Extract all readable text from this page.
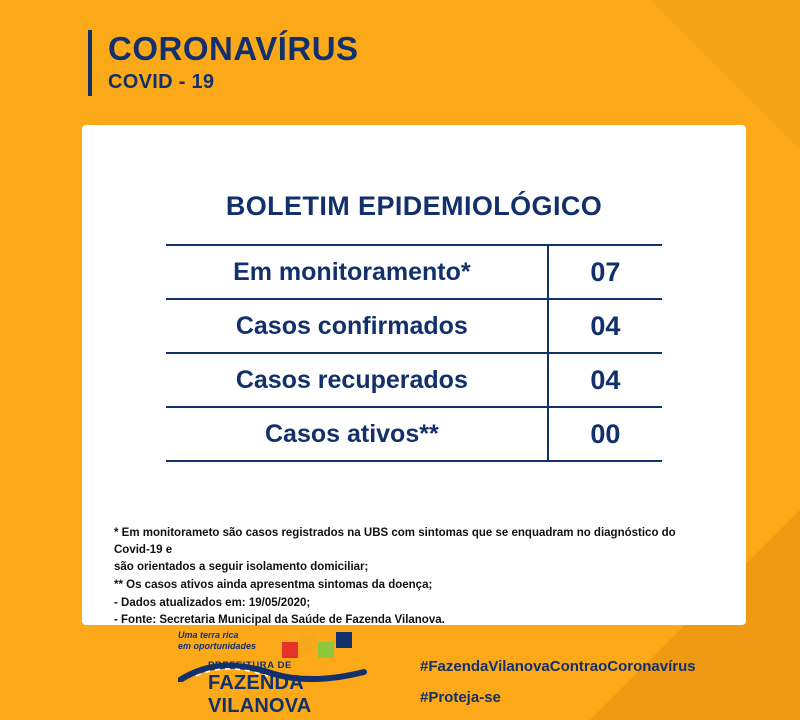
CORONAVÍRUS
COVID - 19
BOLETIM EPIDEMIOLÓGICO
Em monitoramento*	07
Casos confirmados	04
Casos recuperados	04
Casos ativos**	00
* Em monitorameto são casos registrados na UBS com sintomas que se enquadram no diagnóstico do Covid-19 e
são orientados a seguir isolamento domiciliar;
** Os casos ativos ainda apresentma sintomas da doença;
- Dados atualizados em: 19/05/2020;
- Fonte: Secretaria Municipal da Saúde de Fazenda Vilanova.
Uma terra rica
em oportunidades
PREFEITURA DE
FAZENDA VILANOVA
#FazendaVilanovaContraoCoronavírus
#Proteja-se
